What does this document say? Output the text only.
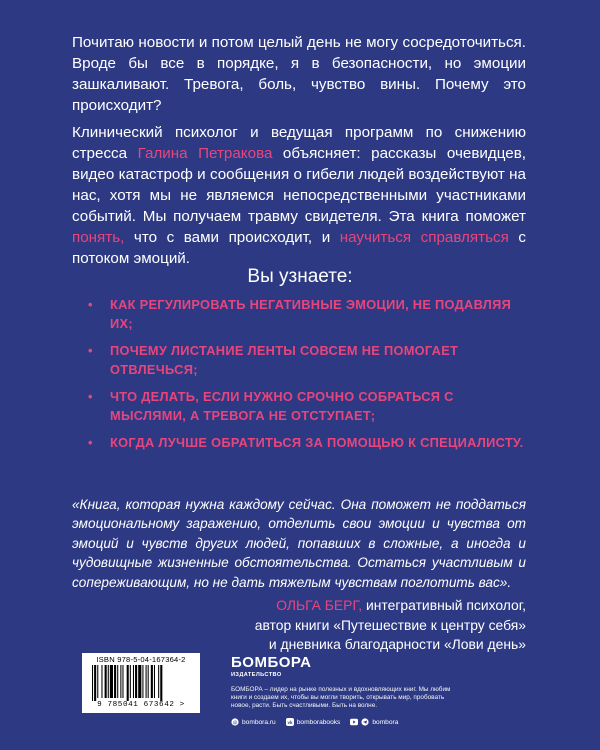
Почитаю новости и потом целый день не могу сосредоточиться. Вроде бы все в порядке, я в безопасности, но эмоции зашкаливают. Тревога, боль, чувство вины. Почему это происходит?

Клинический психолог и ведущая программ по снижению стресса Галина Петракова объясняет: рассказы очевидцев, видео катастроф и сообщения о гибели людей воздействуют на нас, хотя мы не являемся непосредственными участниками событий. Мы получаем травму свидетеля. Эта книга поможет понять, что с вами происходит, и научиться справляться с потоком эмоций.

Вы узнаете:
• КАК РЕГУЛИРОВАТЬ НЕГАТИВНЫЕ ЭМОЦИИ, НЕ ПОДАВЛЯЯ ИХ;
• ПОЧЕМУ ЛИСТАНИЕ ЛЕНТЫ СОВСЕМ НЕ ПОМОГАЕТ ОТВЛЕЧЬСЯ;
• ЧТО ДЕЛАТЬ, ЕСЛИ НУЖНО СРОЧНО СОБРАТЬСЯ С МЫСЛЯМИ, А ТРЕВОГА НЕ ОТСТУПАЕТ;
• КОГДА ЛУЧШЕ ОБРАТИТЬСЯ ЗА ПОМОЩЬЮ К СПЕЦИАЛИСТУ.

«Книга, которая нужна каждому сейчас. Она поможет не поддаться эмоциональному заражению, отделить свои эмоции и чувства от эмоций и чувств других людей, попавших в сложные, а иногда и чудовищные жизненные обстоятельства. Остаться участливым и сопереживающим, но не дать тяжелым чувствам поглотить вас».

ОЛЬГА БЕРГ, интегративный психолог,
автор книги «Путешествие к центру себя»
и дневника благодарности «Лови день»
ISBN 978-5-04-167364-2
9 785041 673642 >
БОМБОРА
ИЗДАТЕЛЬСТВО
БОМБОРА – лидер на рынке полезных и вдохновляющих книг. Мы любим книги и создаем их, чтобы вы могли творить, открывать мир, пробовать новое, расти. Быть счастливыми. Быть на волне.
@ bombora.ru vk bomborabooks	bombora
